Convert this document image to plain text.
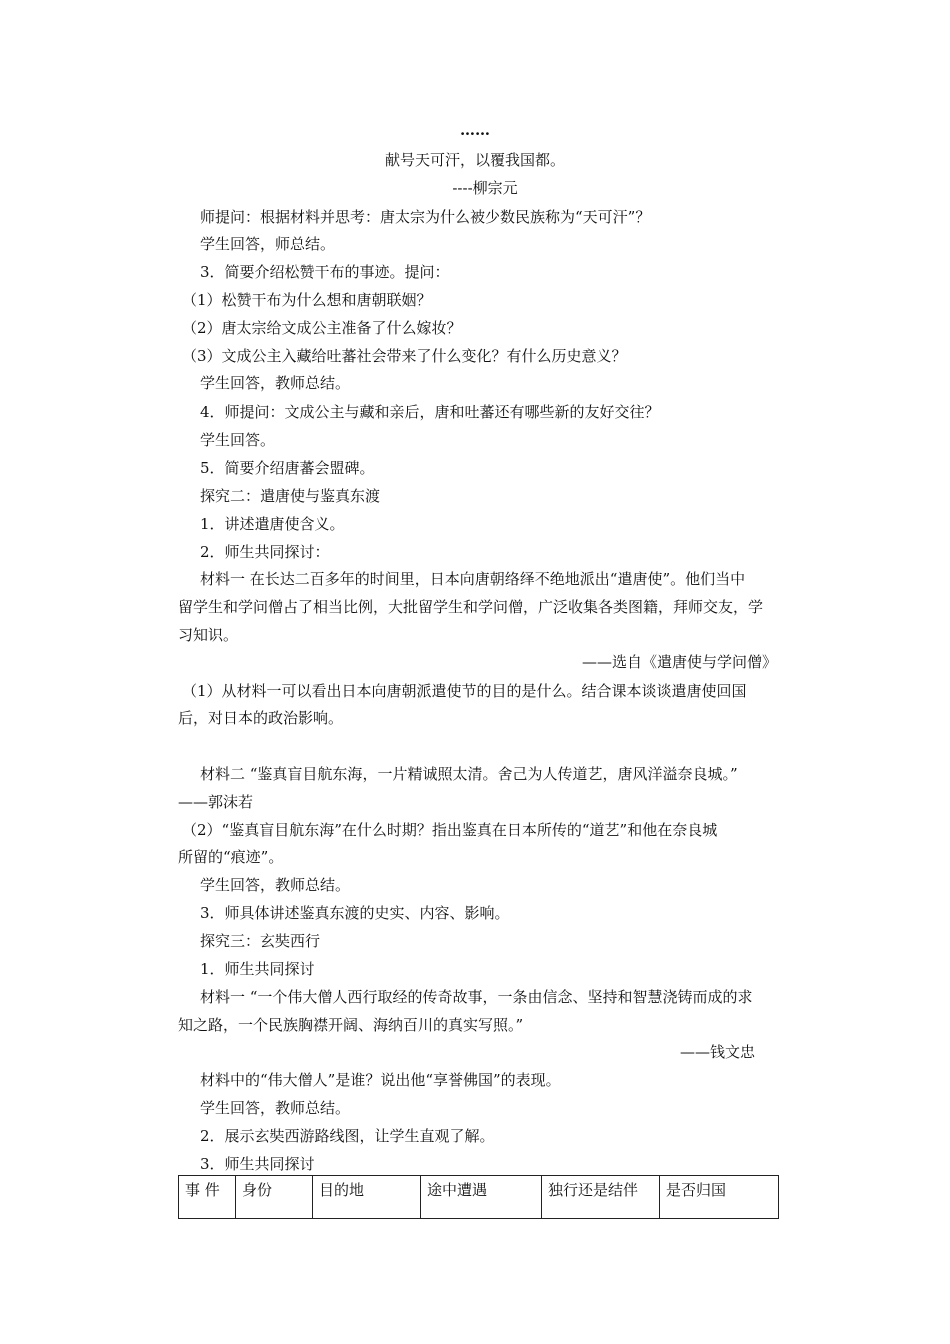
……
献号天可汗，以覆我国都。
----柳宗元
师提问：根据材料并思考：唐太宗为什么被少数民族称为“天可汗”？
学生回答，师总结。
3．简要介绍松赞干布的事迹。提问：
（1）松赞干布为什么想和唐朝联姻？
（2）唐太宗给文成公主准备了什么嫁妆？
（3）文成公主入藏给吐蕃社会带来了什么变化？有什么历史意义？
学生回答，教师总结。
4．师提问：文成公主与藏和亲后，唐和吐蕃还有哪些新的友好交往？
学生回答。
5．简要介绍唐蕃会盟碑。
探究二：遣唐使与鉴真东渡
1．讲述遣唐使含义。
2．师生共同探讨：
材料一 在长达二百多年的时间里，日本向唐朝络绎不绝地派出“遣唐使”。他们当中
留学生和学问僧占了相当比例，大批留学生和学问僧，广泛收集各类图籍，拜师交友，学
习知识。
——选自《遣唐使与学问僧》
（1）从材料一可以看出日本向唐朝派遣使节的目的是什么。结合课本谈谈遣唐使回国
后，对日本的政治影响。
材料二 “鉴真盲目航东海，一片精诚照太清。舍己为人传道艺，唐风洋溢奈良城。”
——郭沫若
（2）“鉴真盲目航东海”在什么时期？指出鉴真在日本所传的“道艺”和他在奈良城
所留的“痕迹”。
学生回答，教师总结。
3．师具体讲述鉴真东渡的史实、内容、影响。
探究三：玄奘西行
1．师生共同探讨
材料一 “一个伟大僧人西行取经的传奇故事，一条由信念、坚持和智慧浇铸而成的求
知之路，一个民族胸襟开阔、海纳百川的真实写照。”
——钱文忠
材料中的“伟大僧人”是谁？说出他“享誉佛国”的表现。
学生回答，教师总结。
2．展示玄奘西游路线图，让学生直观了解。
3．师生共同探讨
事 件	身份	目的地	途中遭遇	独行还是结伴	是否归国
